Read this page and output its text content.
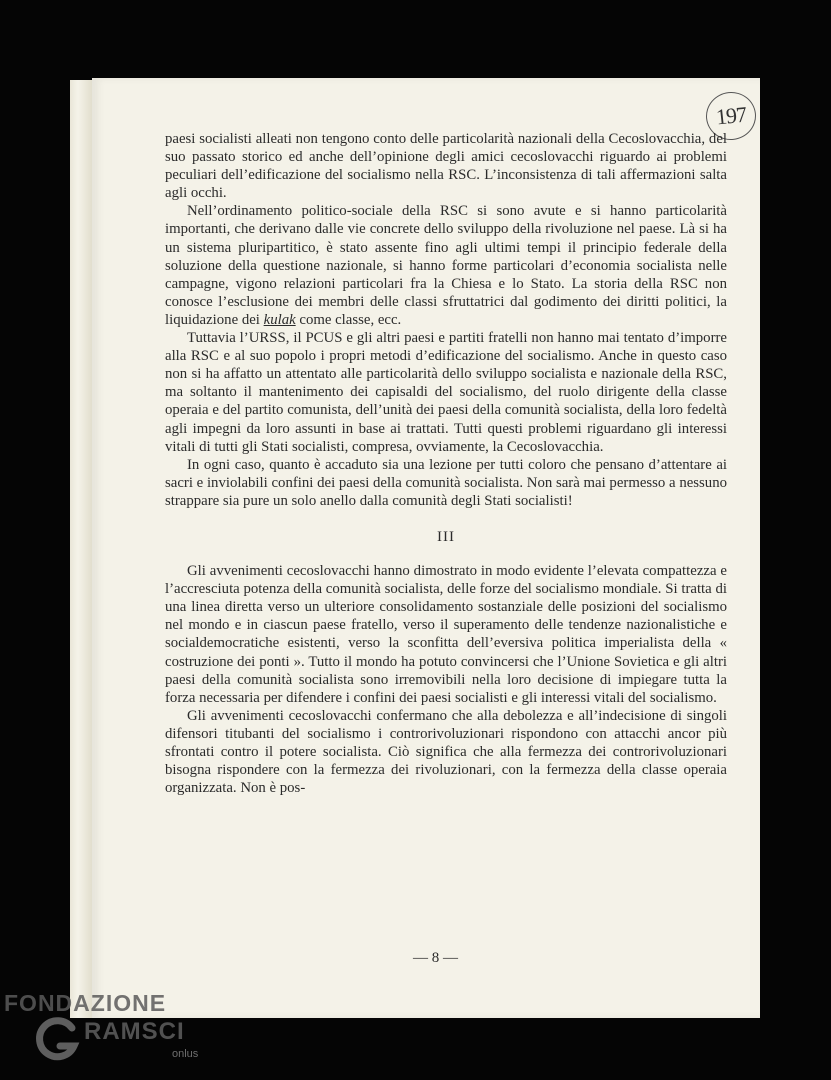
197

paesi socialisti alleati non tengono conto delle particolarità nazionali della Cecoslovacchia, del suo passato storico ed anche dell’opinione degli amici cecoslovacchi riguardo ai problemi peculiari dell’edificazione del socialismo nella RSC. L’inconsistenza di tali affermazioni salta agli occhi.

Nell’ordinamento politico-sociale della RSC si sono avute e si hanno particolarità importanti, che derivano dalle vie concrete dello sviluppo della rivoluzione nel paese. Là si ha un sistema pluripartitico, è stato assente fino agli ultimi tempi il principio federale della soluzione della questione nazionale, si hanno forme particolari d’economia socialista nelle campagne, vigono relazioni particolari fra la Chiesa e lo Stato. La storia della RSC non conosce l’esclusione dei membri delle classi sfruttatrici dal godimento dei diritti politici, la liquidazione dei kulak come classe, ecc.

Tuttavia l’URSS, il PCUS e gli altri paesi e partiti fratelli non hanno mai tentato d’imporre alla RSC e al suo popolo i propri metodi d’edificazione del socialismo. Anche in questo caso non si ha affatto un attentato alle particolarità dello sviluppo socialista e nazionale della RSC, ma soltanto il mantenimento dei capisaldi del socialismo, del ruolo dirigente della classe operaia e del partito comunista, dell’unità dei paesi della comunità socialista, della loro fedeltà agli impegni da loro assunti in base ai trattati. Tutti questi problemi riguardano gli interessi vitali di tutti gli Stati socialisti, compresa, ovviamente, la Cecoslovacchia.

In ogni caso, quanto è accaduto sia una lezione per tutti coloro che pensano d’attentare ai sacri e inviolabili confini dei paesi della comunità socialista. Non sarà mai permesso a nessuno strappare sia pure un solo anello dalla comunità degli Stati socialisti!

III

Gli avvenimenti cecoslovacchi hanno dimostrato in modo evidente l’elevata compattezza e l’accresciuta potenza della comunità socialista, delle forze del socialismo mondiale. Si tratta di una linea diretta verso un ulteriore consolidamento sostanziale delle posizioni del socialismo nel mondo e in ciascun paese fratello, verso il superamento delle tendenze nazionalistiche e socialdemocratiche esistenti, verso la sconfitta dell’eversiva politica imperialista della « costruzione dei ponti ». Tutto il mondo ha potuto convincersi che l’Unione Sovietica e gli altri paesi della comunità socialista sono irremovibili nella loro decisione di impiegare tutta la forza necessaria per difendere i confini dei paesi socialisti e gli interessi vitali del socialismo.

Gli avvenimenti cecoslovacchi confermano che alla debolezza e all’indecisione di singoli difensori titubanti del socialismo i controrivoluzionari rispondono con attacchi ancor più sfrontati contro il potere socialista. Ciò significa che alla fermezza dei controrivoluzionari bisogna rispondere con la fermezza dei rivoluzionari, con la fermezza della classe operaia organizzata. Non è pos-

— 8 —
FONDAZIONE
RAMSCI
onlus
